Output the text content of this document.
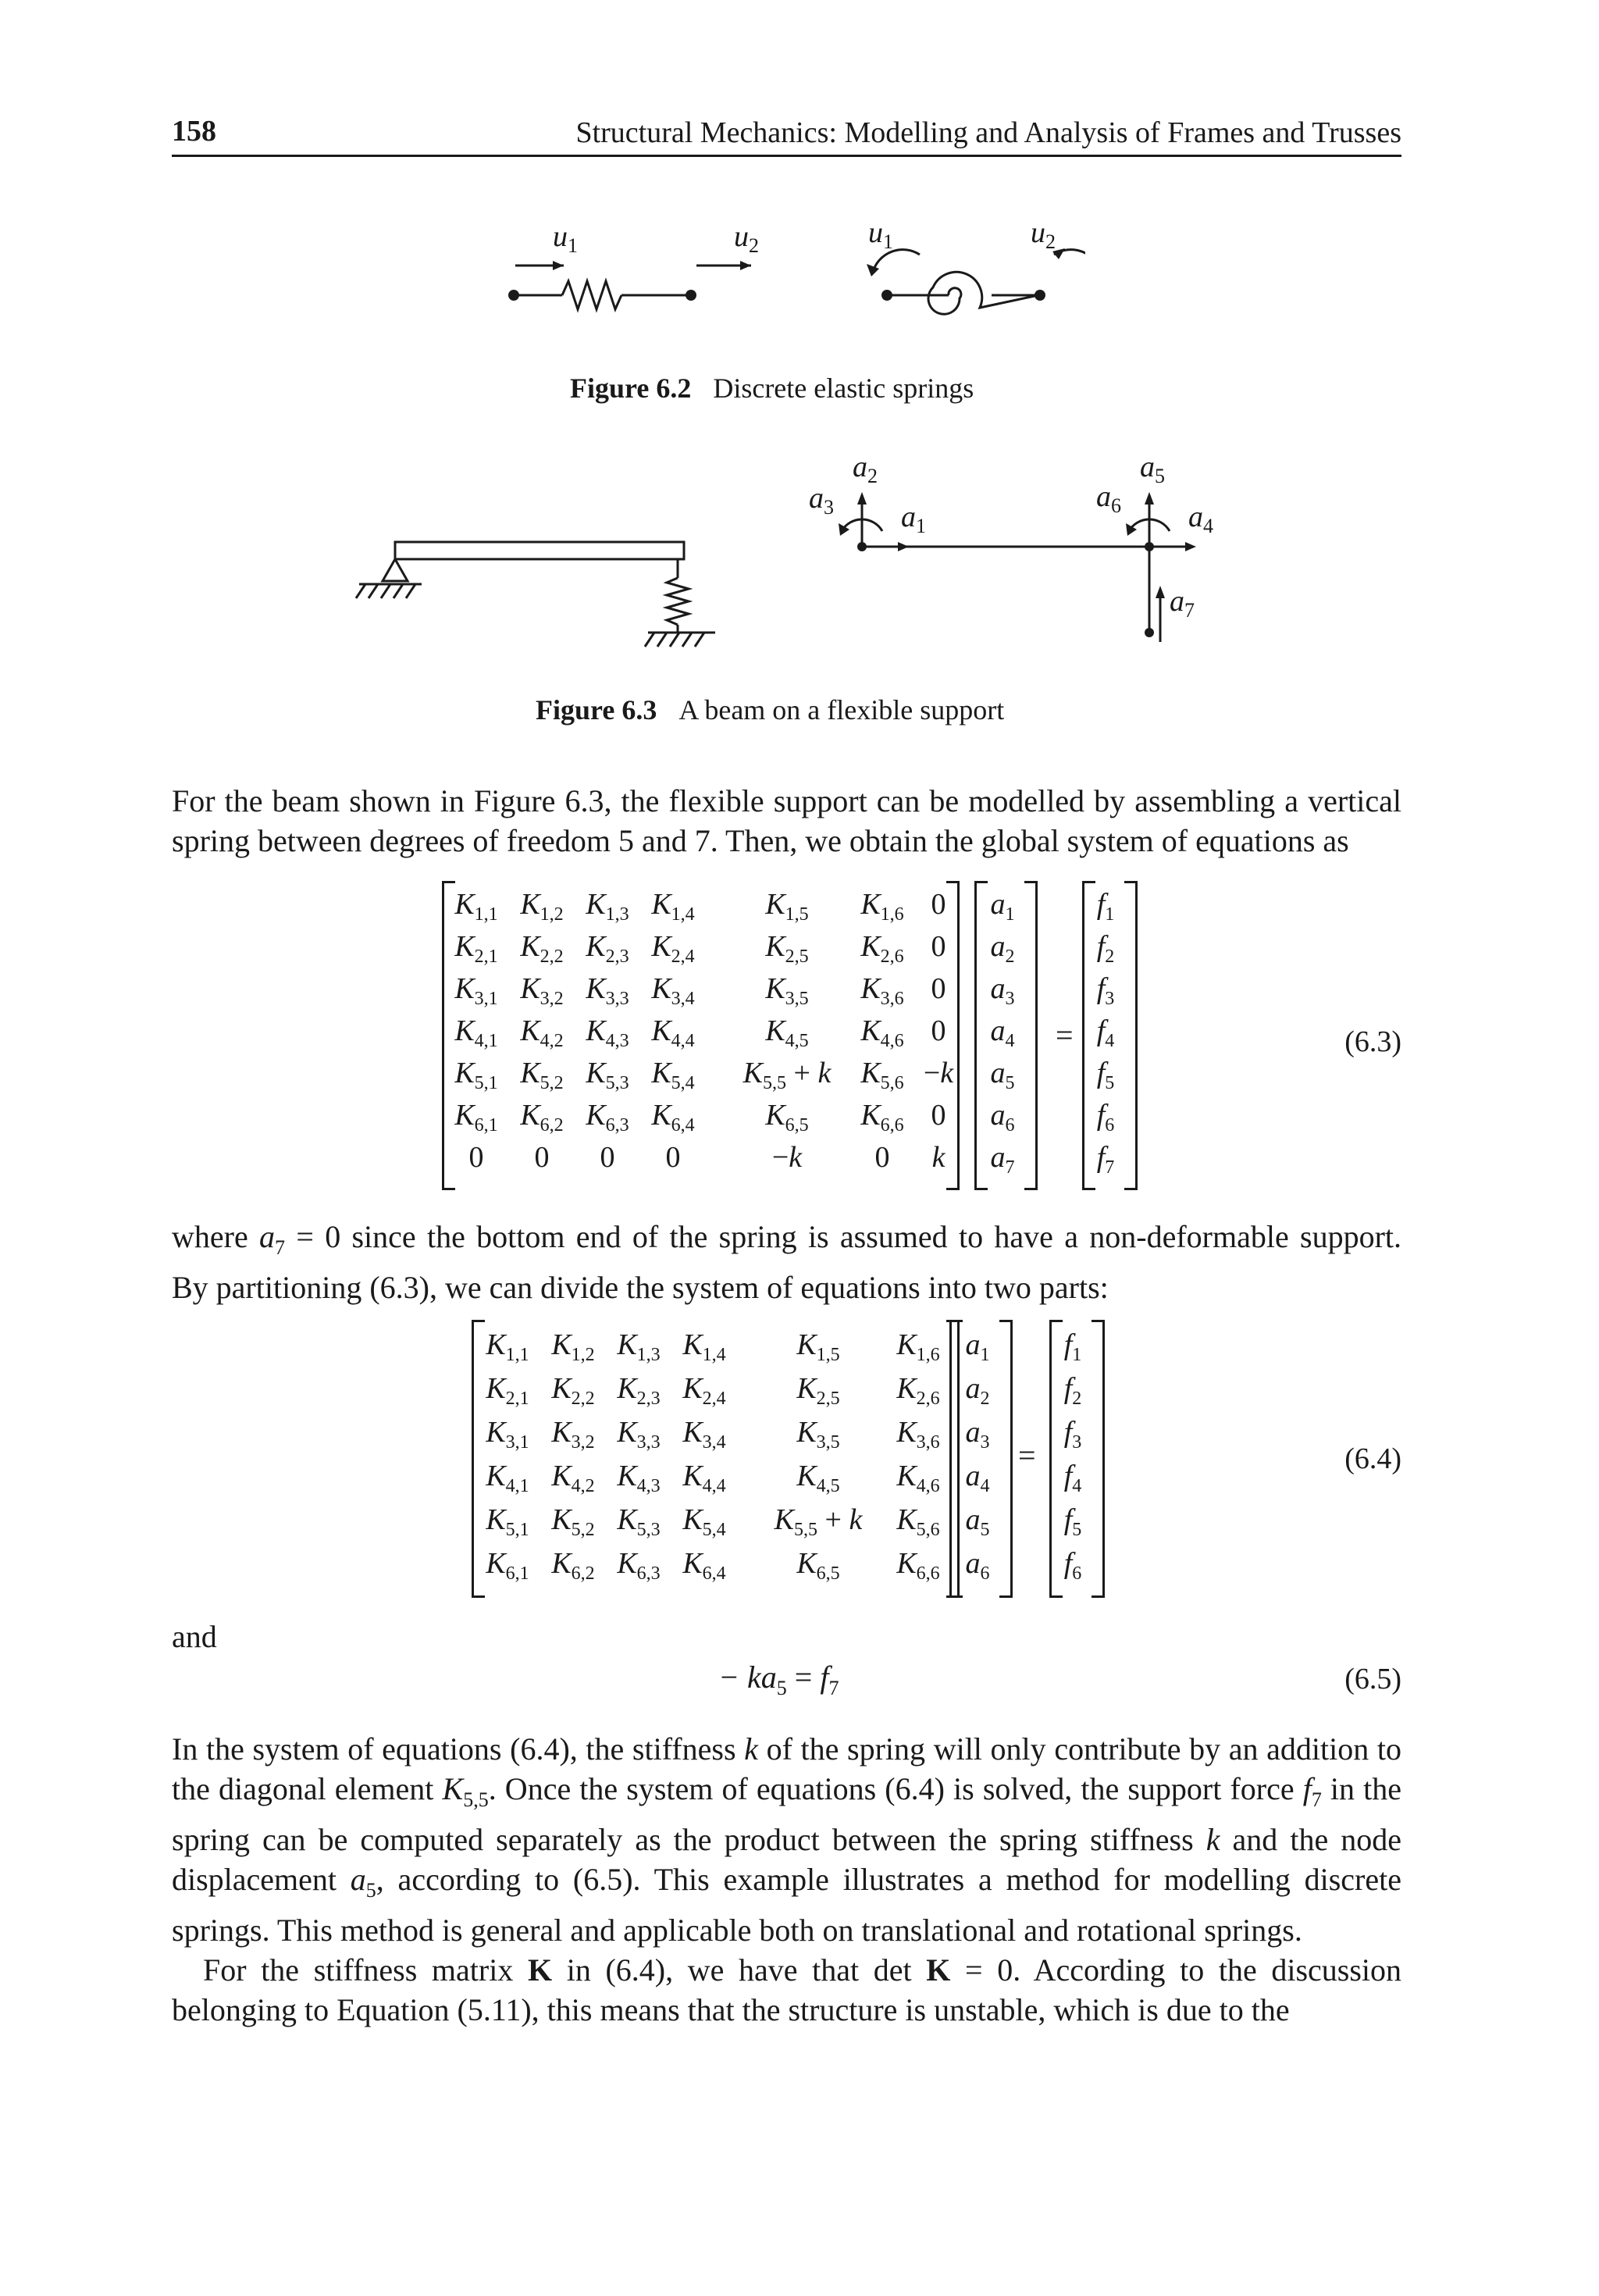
158	Structural Mechanics: Modelling and Analysis of Frames and Trusses
$u_1$	$u_2$	$u_1$	$u_2$
Figure 6.2 Discrete elastic springs
$a_2$
$a_3$ $a_1$
$a_5$
$a_6$ $a_4$
$a_7$
Figure 6.3 A beam on a flexible support

For the beam shown in Figure 6.3, the flexible support can be modelled by assembling a vertical

spring between degrees of freedom 5 and 7. Then, we obtain the global system of equations as

$K_{1,1}$ $K_{1,2}$ $K_{1,3}$ $K_{1,4}$ $K_{1,5}$ $K_{1,6}$ 0
$K_{2,1}$ $K_{2,2}$ $K_{2,3}$ $K_{2,4}$ $K_{2,5}$ $K_{2,6}$ 0
$K_{3,1}$ $K_{3,2}$ $K_{3,3}$ $K_{3,4}$ $K_{3,5}$ $K_{3,6}$ 0
$K_{4,1}$ $K_{4,2}$ $K_{4,3}$ $K_{4,4}$ $K_{4,5}$ $K_{4,6}$ 0
$K_{5,1}$ $K_{5,2}$ $K_{5,3}$ $K_{5,4}$ $K_{5,5} + k$ $K_{5,6} -k$
$K_{6,1}$ $K_{6,2}$ $K_{6,3}$ $K_{6,4}$ $K_{6,5}$ $K_{6,6}$ 0
0 0 0 0	−k 0 k
$a_1$
$a_2$
$a_3$
$a_4$
$a_5$
$a_6$
$a_7$
=
$f_1$
$f_2$
$f_3$
$f_4$
$f_5$
$f_6$
$f_7$
(6.3)

where $a_7 = 0$ since the bottom end of the spring is assumed to have a non-deformable support.

By partitioning (6.3), we can divide the system of equations into two parts:

$K_{1,1}$ $K_{1,2}$ $K_{1,3}$ $K_{1,4}$ $K_{1,5}$ $K_{1,6}$
$K_{2,1}$ $K_{2,2}$ $K_{2,3}$ $K_{2,4}$ $K_{2,5}$ $K_{2,6}$
$K_{3,1}$ $K_{3,2}$ $K_{3,3}$ $K_{3,4}$ $K_{3,5}$ $K_{3,6}$
$K_{4,1}$ $K_{4,2}$ $K_{4,3}$ $K_{4,4}$ $K_{4,5}$ $K_{4,6}$
$K_{5,1}$ $K_{5,2}$ $K_{5,3}$ $K_{5,4}$ $K_{5,5} + k$ $K_{5,6}$
$K_{6,1}$ $K_{6,2}$ $K_{6,3}$ $K_{6,4}$ $K_{6,5}$ $K_{6,6}$
$a_1$
$a_2$
$a_3$
$a_4$
$a_5$
$a_6$
=
$f_1$
$f_2$
$f_3$
$f_4$
$f_5$
$f_6$
(6.4)
and
− $ka_5 = f_7$	(6.5)

In the system of equations (6.4), the stiffness k of the spring will only contribute by an addition to the diagonal element $K_{5,5}$. Once the system of equations (6.4) is solved, the support force $f_7$ in the spring can be computed separately as the product between the spring stiffness k and the node displacement $a_5$, according to (6.5). This example illustrates a method for modelling discrete springs. This method is general and applicable both on translational and rotational springs.

For the stiffness matrix K in (6.4), we have that det K = 0. According to the discussion belonging to Equation (5.11), this means that the structure is unstable, which is due to the
